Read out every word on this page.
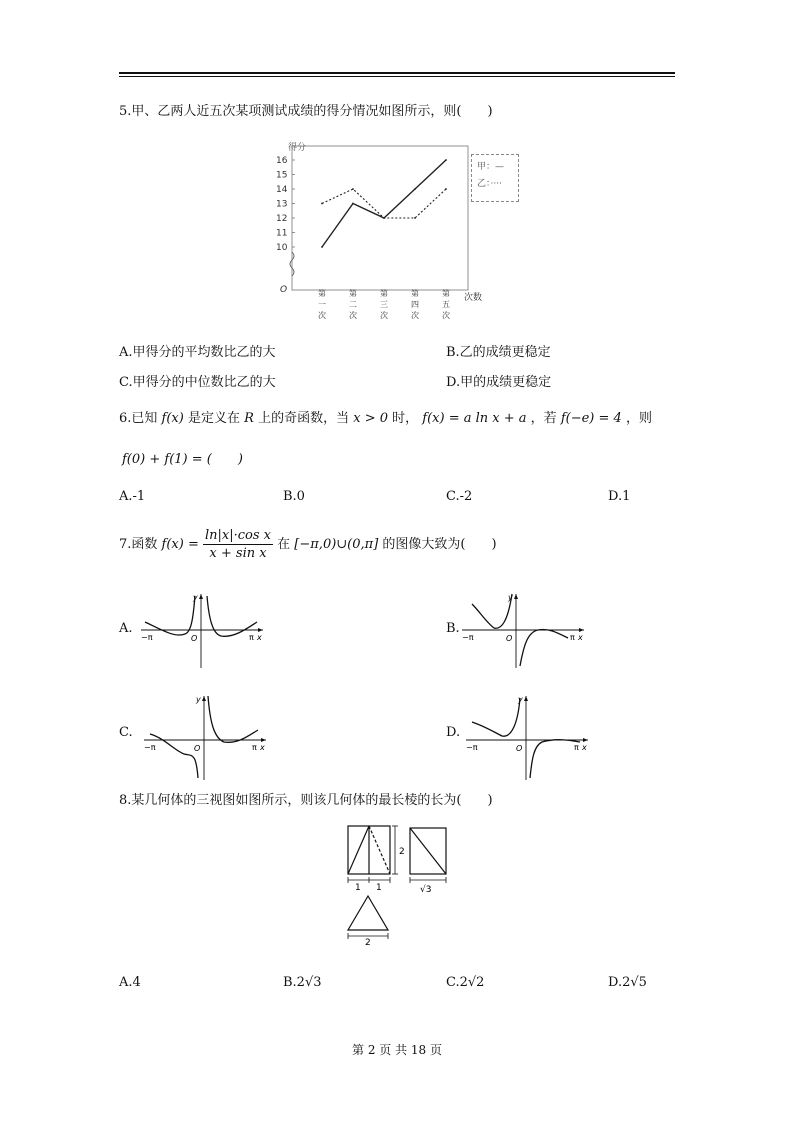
5.甲、乙两人近五次某项测试成绩的得分情况如图所示，则(　　)
10
11
12
13
14
15
16
得分
O
次数
第一次
第二次
第三次
第四次
第五次
甲：—
乙：····
A.甲得分的平均数比乙的大	B.乙的成绩更稳定
C.甲得分的中位数比乙的大	D.甲的成绩更稳定
6.已知 f(x) 是定义在 R 上的奇函数，当 x > 0 时， f(x) = a ln x + a ，若 f(−e) = 4 ，则
f(0) + f(1) = (　　)
A.-1	B.0	C.-2	D.1
7.函数 $f(x) = \frac{\text{ln|x|·cos x}}{\text{x + sin x}}$ 在 [−π,0)∪(0,π] 的图像大致为(　　)
A.	B.
C.	D.
−π	π x
y
O	−π	π x
y
O
−π	π x
y
O	−π	π x
y
O
8.某几何体的三视图如图所示，则该几何体的最长棱的长为(　　)
2
1 1	√3
2
A.4	B.2√3	C.2√2	D.2√5
第 2 页 共 18 页
